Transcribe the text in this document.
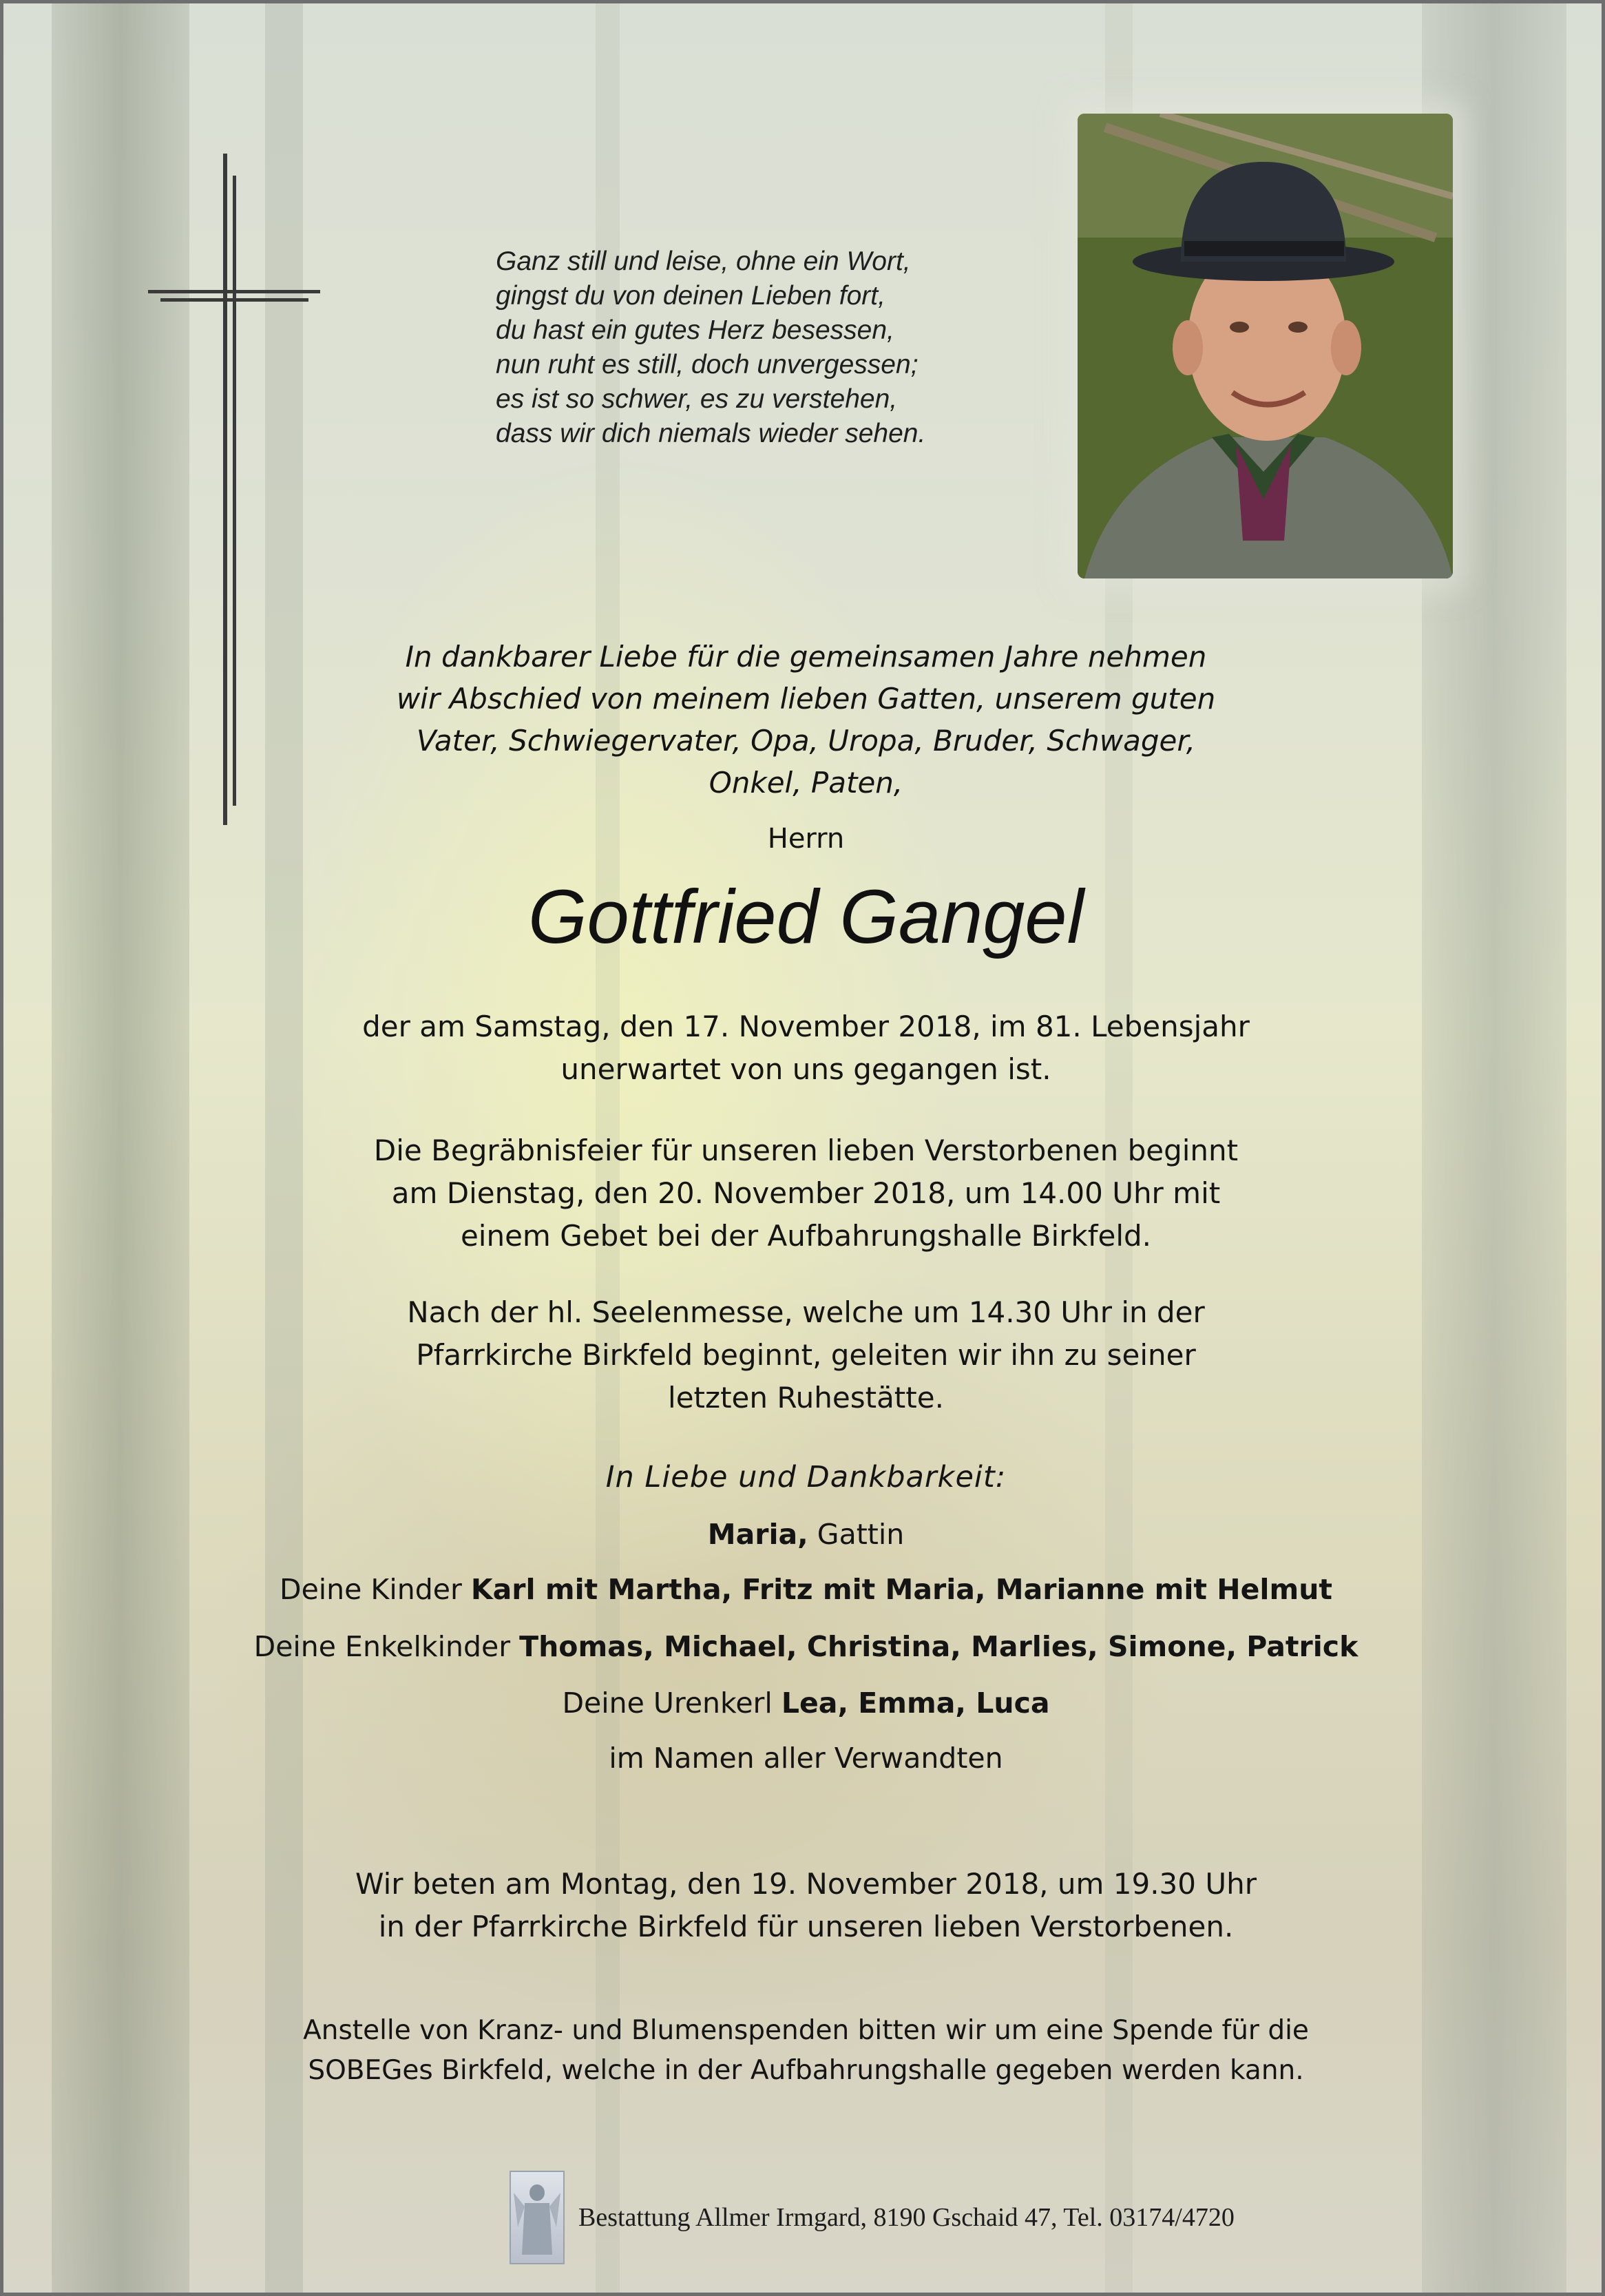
Ganz still und leise, ohne ein Wort,
gingst du von deinen Lieben fort,
du hast ein gutes Herz besessen,
nun ruht es still, doch unvergessen;
es ist so schwer, es zu verstehen,
dass wir dich niemals wieder sehen.
In dankbarer Liebe für die gemeinsamen Jahre nehmen
wir Abschied von meinem lieben Gatten, unserem guten
Vater, Schwiegervater, Opa, Uropa, Bruder, Schwager,
Onkel, Paten,
Herrn
Gottfried Gangel
der am Samstag, den 17. November 2018, im 81. Lebensjahr
unerwartet von uns gegangen ist.
Die Begräbnisfeier für unseren lieben Verstorbenen beginnt
am Dienstag, den 20. November 2018, um 14.00 Uhr mit
einem Gebet bei der Aufbahrungshalle Birkfeld.
Nach der hl. Seelenmesse, welche um 14.30 Uhr in der
Pfarrkirche Birkfeld beginnt, geleiten wir ihn zu seiner
letzten Ruhestätte.
In Liebe und Dankbarkeit:
Maria, Gattin
Deine Kinder Karl mit Martha, Fritz mit Maria, Marianne mit Helmut
Deine Enkelkinder Thomas, Michael, Christina, Marlies, Simone, Patrick
Deine Urenkerl Lea, Emma, Luca
im Namen aller Verwandten
Wir beten am Montag, den 19. November 2018, um 19.30 Uhr
in der Pfarrkirche Birkfeld für unseren lieben Verstorbenen.
Anstelle von Kranz- und Blumenspenden bitten wir um eine Spende für die
SOBEGes Birkfeld, welche in der Aufbahrungshalle gegeben werden kann.
Bestattung Allmer Irmgard, 8190 Gschaid 47, Tel. 03174/4720
